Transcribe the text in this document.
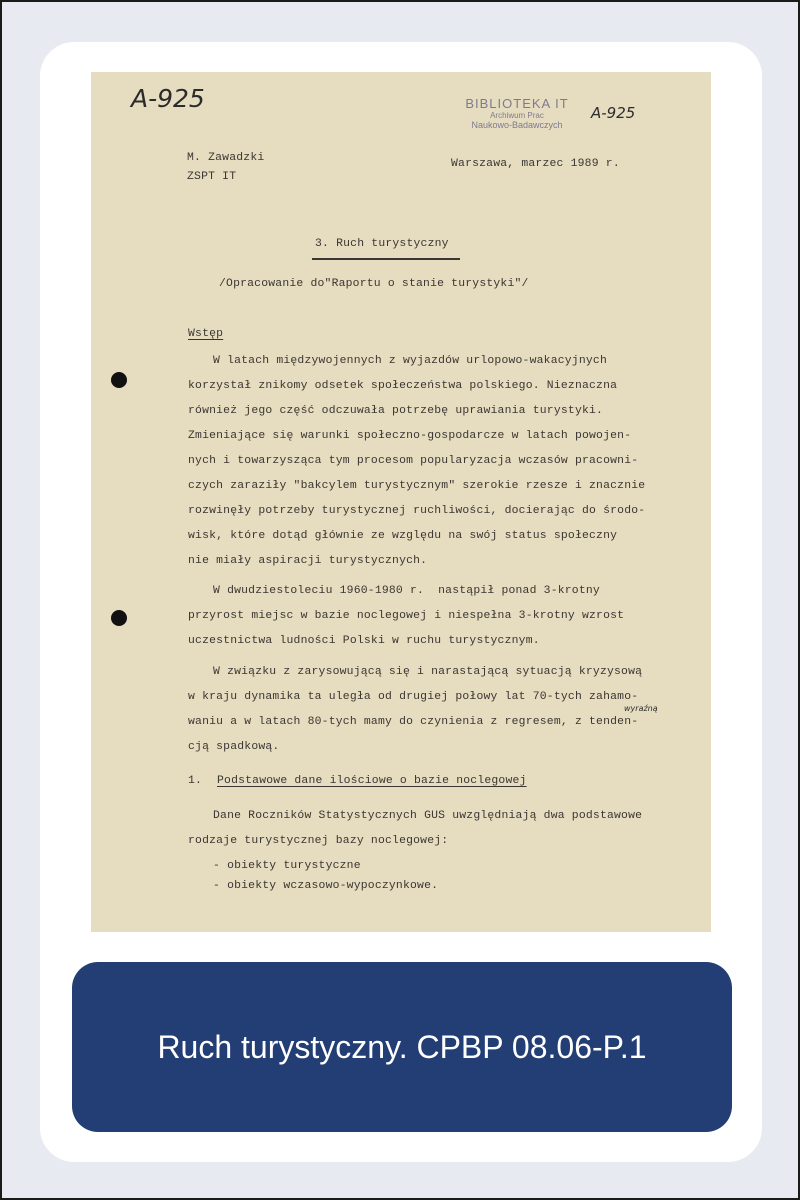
A-925	BIBLIOTEKA IT
Archiwum Prac
Naukowo-Badawczych
A-925
M. Zawadzki
ZSPT IT
Warszawa, marzec 1989 r.
3. Ruch turystyczny
/Opracowanie do"Raportu o stanie turystyki"/
Wstęp
W latach międzywojennych z wyjazdów urlopowo-wakacyjnych
korzystał znikomy odsetek społeczeństwa polskiego. Nieznaczna
również jego część odczuwała potrzebę uprawiania turystyki.
Zmieniające się warunki społeczno-gospodarcze w latach powojen-
nych i towarzysząca tym procesom popularyzacja wczasów pracowni-
czych zaraziły "bakcylem turystycznym" szerokie rzesze i znacznie
rozwinęły potrzeby turystycznej ruchliwości, docierając do środo-
wisk, które dotąd głównie ze względu na swój status społeczny
nie miały aspiracji turystycznych.
W dwudziestoleciu 1960-1980 r.  nastąpił ponad 3-krotny
przyrost miejsc w bazie noclegowej i niespełna 3-krotny wzrost
uczestnictwa ludności Polski w ruchu turystycznym.
W związku z zarysowującą się i narastającą sytuacją kryzysową
w kraju dynamika ta uległa od drugiej połowy lat 70-tych zahamo-
wyraźną
waniu a w latach 80-tych mamy do czynienia z regresem, z tenden-
cją spadkową.
1. Podstawowe dane ilościowe o bazie noclegowej
Dane Roczników Statystycznych GUS uwzględniają dwa podstawowe
rodzaje turystycznej bazy noclegowej:
- obiekty turystyczne
- obiekty wczasowo-wypoczynkowe.
Ruch turystyczny. CPBP 08.06-P.1
